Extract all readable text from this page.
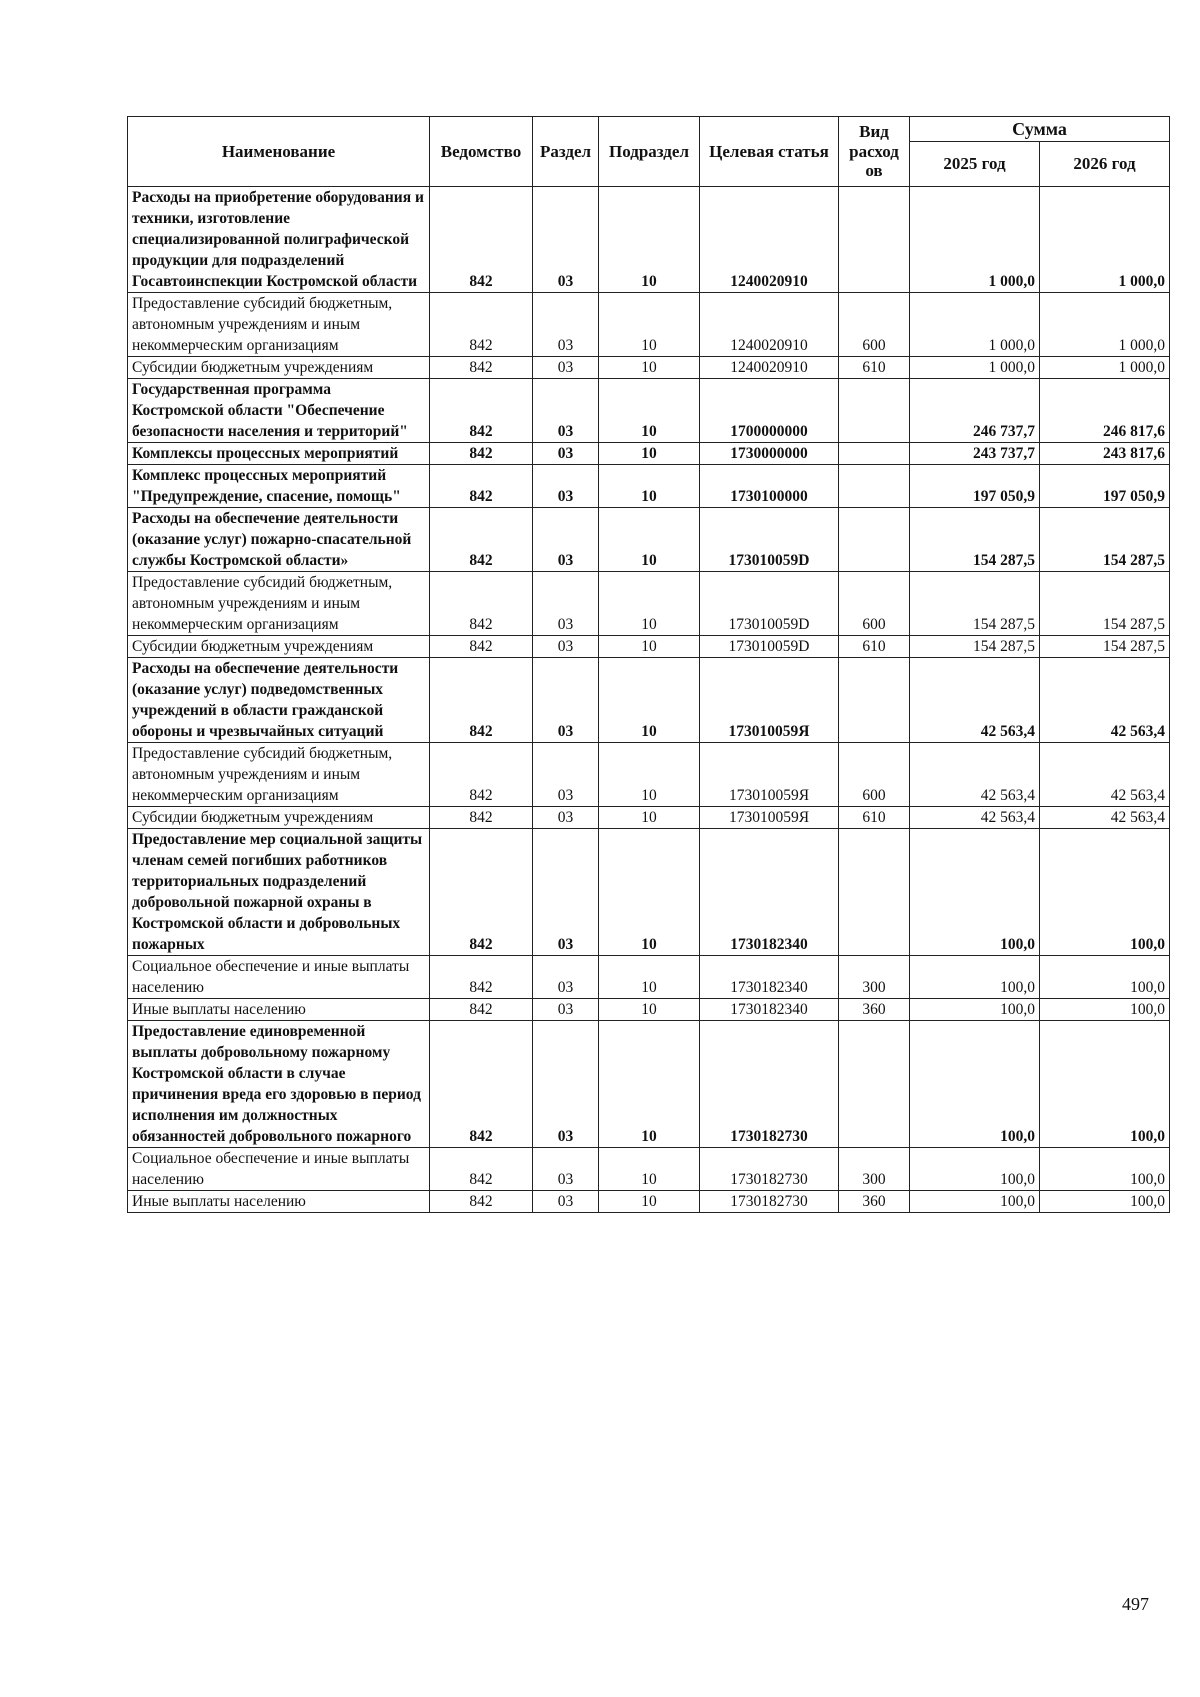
Наименование	Ведомство	Раздел	Подраздел	Целевая статья	Вид расход ов	Сумма	
						2025 год	2026 год
Расходы на приобретение оборудования и техники, изготовление специализированной полиграфической продукции для подразделений Госавтоинспекции Костромской области	842	03	10	1240020910		1 000,0	1 000,0
Предоставление субсидий бюджетным, автономным учреждениям и иным некоммерческим организациям	842	03	10	1240020910	600	1 000,0	1 000,0
Субсидии бюджетным учреждениям	842	03	10	1240020910	610	1 000,0	1 000,0
Государственная программа Костромской области "Обеспечение безопасности населения и территорий"	842	03	10	1700000000		246 737,7	246 817,6
Комплексы процессных мероприятий	842	03	10	1730000000		243 737,7	243 817,6
Комплекс процессных мероприятий "Предупреждение, спасение, помощь"	842	03	10	1730100000		197 050,9	197 050,9
Расходы на обеспечение деятельности (оказание услуг) пожарно-спасательной службы Костромской области»	842	03	10	173010059D		154 287,5	154 287,5
Предоставление субсидий бюджетным, автономным учреждениям и иным некоммерческим организациям	842	03	10	173010059D	600	154 287,5	154 287,5
Субсидии бюджетным учреждениям	842	03	10	173010059D	610	154 287,5	154 287,5
Расходы на обеспечение деятельности (оказание услуг) подведомственных учреждений в области гражданской обороны и чрезвычайных ситуаций	842	03	10	173010059Я		42 563,4	42 563,4
Предоставление субсидий бюджетным, автономным учреждениям и иным некоммерческим организациям	842	03	10	173010059Я	600	42 563,4	42 563,4
Субсидии бюджетным учреждениям	842	03	10	173010059Я	610	42 563,4	42 563,4
Предоставление мер социальной защиты членам семей погибших работников территориальных подразделений добровольной пожарной охраны в Костромской области и добровольных пожарных	842	03	10	1730182340		100,0	100,0
Социальное обеспечение и иные выплаты населению	842	03	10	1730182340	300	100,0	100,0
Иные выплаты населению	842	03	10	1730182340	360	100,0	100,0
Предоставление единовременной выплаты добровольному пожарному Костромской области в случае причинения вреда его здоровью в период исполнения им должностных обязанностей добровольного пожарного	842	03	10	1730182730		100,0	100,0
Социальное обеспечение и иные выплаты населению	842	03	10	1730182730	300	100,0	100,0
Иные выплаты населению	842	03	10	1730182730	360	100,0	100,0
497
